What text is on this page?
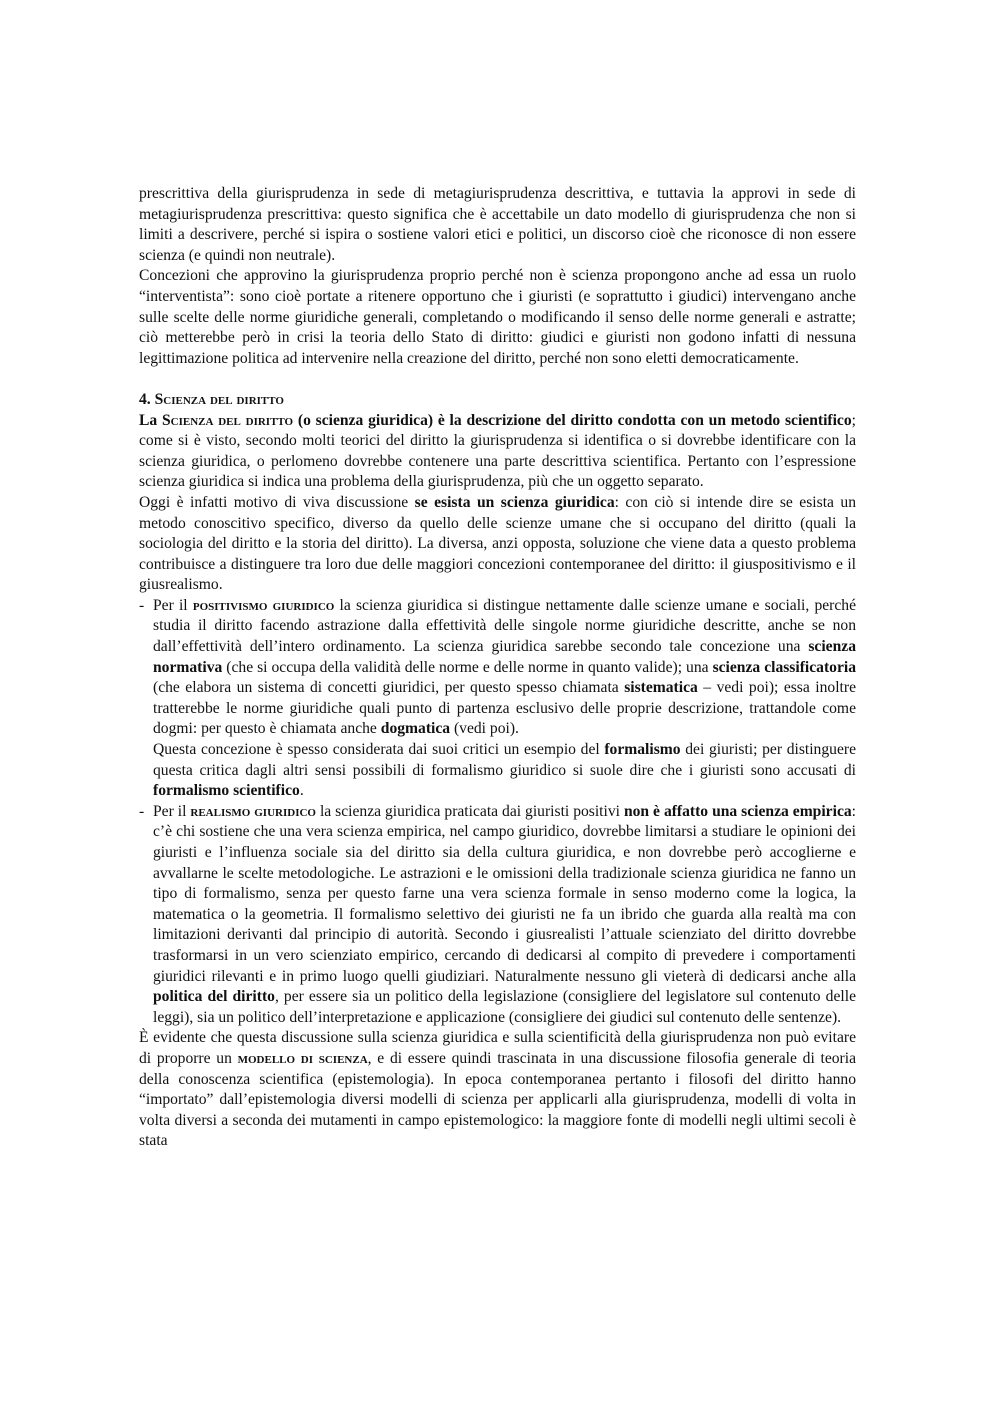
prescrittiva della giurisprudenza in sede di metagiurisprudenza descrittiva, e tuttavia la approvi in sede di metagiurisprudenza prescrittiva: questo significa che è accettabile un dato modello di giurisprudenza che non si limiti a descrivere, perché si ispira o sostiene valori etici e politici, un discorso cioè che riconosce di non essere scienza (e quindi non neutrale).

Concezioni che approvino la giurisprudenza proprio perché non è scienza propongono anche ad essa un ruolo “interventista”: sono cioè portate a ritenere opportuno che i giuristi (e soprattutto i giudici) intervengano anche sulle scelte delle norme giuridiche generali, completando o modificando il senso delle norme generali e astratte; ciò metterebbe però in crisi la teoria dello Stato di diritto: giudici e giuristi non godono infatti di nessuna legittimazione politica ad intervenire nella creazione del diritto, perché non sono eletti democraticamente.

4. Scienza del diritto

La Scienza del diritto (o scienza giuridica) è la descrizione del diritto condotta con un metodo scientifico; come si è visto, secondo molti teorici del diritto la giurisprudenza si identifica o si dovrebbe identificare con la scienza giuridica, o perlomeno dovrebbe contenere una parte descrittiva scientifica. Pertanto con l’espressione scienza giuridica si indica una problema della giurisprudenza, più che un oggetto separato.

Oggi è infatti motivo di viva discussione se esista un scienza giuridica: con ciò si intende dire se esista un metodo conoscitivo specifico, diverso da quello delle scienze umane che si occupano del diritto (quali la sociologia del diritto e la storia del diritto). La diversa, anzi opposta, soluzione che viene data a questo problema contribuisce a distinguere tra loro due delle maggiori concezioni contemporanee del diritto: il giuspositivismo e il giusrealismo.

- Per il positivismo giuridico la scienza giuridica si distingue nettamente dalle scienze umane e sociali, perché studia il diritto facendo astrazione dalla effettività delle singole norme giuridiche descritte, anche se non dall’effettività dell’intero ordinamento. La scienza giuridica sarebbe secondo tale concezione una scienza normativa (che si occupa della validità delle norme e delle norme in quanto valide); una scienza classificatoria (che elabora un sistema di concetti giuridici, per questo spesso chiamata sistematica – vedi poi); essa inoltre tratterebbe le norme giuridiche quali punto di partenza esclusivo delle proprie descrizione, trattandole come dogmi: per questo è chiamata anche dogmatica (vedi poi).

Questa concezione è spesso considerata dai suoi critici un esempio del formalismo dei giuristi; per distinguere questa critica dagli altri sensi possibili di formalismo giuridico si suole dire che i giuristi sono accusati di formalismo scientifico.

- Per il realismo giuridico la scienza giuridica praticata dai giuristi positivi non è affatto una scienza empirica: c’è chi sostiene che una vera scienza empirica, nel campo giuridico, dovrebbe limitarsi a studiare le opinioni dei giuristi e l’influenza sociale sia del diritto sia della cultura giuridica, e non dovrebbe però accoglierne e avvallarne le scelte metodologiche. Le astrazioni e le omissioni della tradizionale scienza giuridica ne fanno un tipo di formalismo, senza per questo farne una vera scienza formale in senso moderno come la logica, la matematica o la geometria. Il formalismo selettivo dei giuristi ne fa un ibrido che guarda alla realtà ma con limitazioni derivanti dal principio di autorità. Secondo i giusrealisti l’attuale scienziato del diritto dovrebbe trasformarsi in un vero scienziato empirico, cercando di dedicarsi al compito di prevedere i comportamenti giuridici rilevanti e in primo luogo quelli giudiziari. Naturalmente nessuno gli vieterà di dedicarsi anche alla politica del diritto, per essere sia un politico della legislazione (consigliere del legislatore sul contenuto delle leggi), sia un politico dell’interpretazione e applicazione (consigliere dei giudici sul contenuto delle sentenze).

È evidente che questa discussione sulla scienza giuridica e sulla scientificità della giurisprudenza non può evitare di proporre un modello di scienza, e di essere quindi trascinata in una discussione filosofia generale di teoria della conoscenza scientifica (epistemologia). In epoca contemporanea pertanto i filosofi del diritto hanno “importato” dall’epistemologia diversi modelli di scienza per applicarli alla giurisprudenza, modelli di volta in volta diversi a seconda dei mutamenti in campo epistemologico: la maggiore fonte di modelli negli ultimi secoli è stata
